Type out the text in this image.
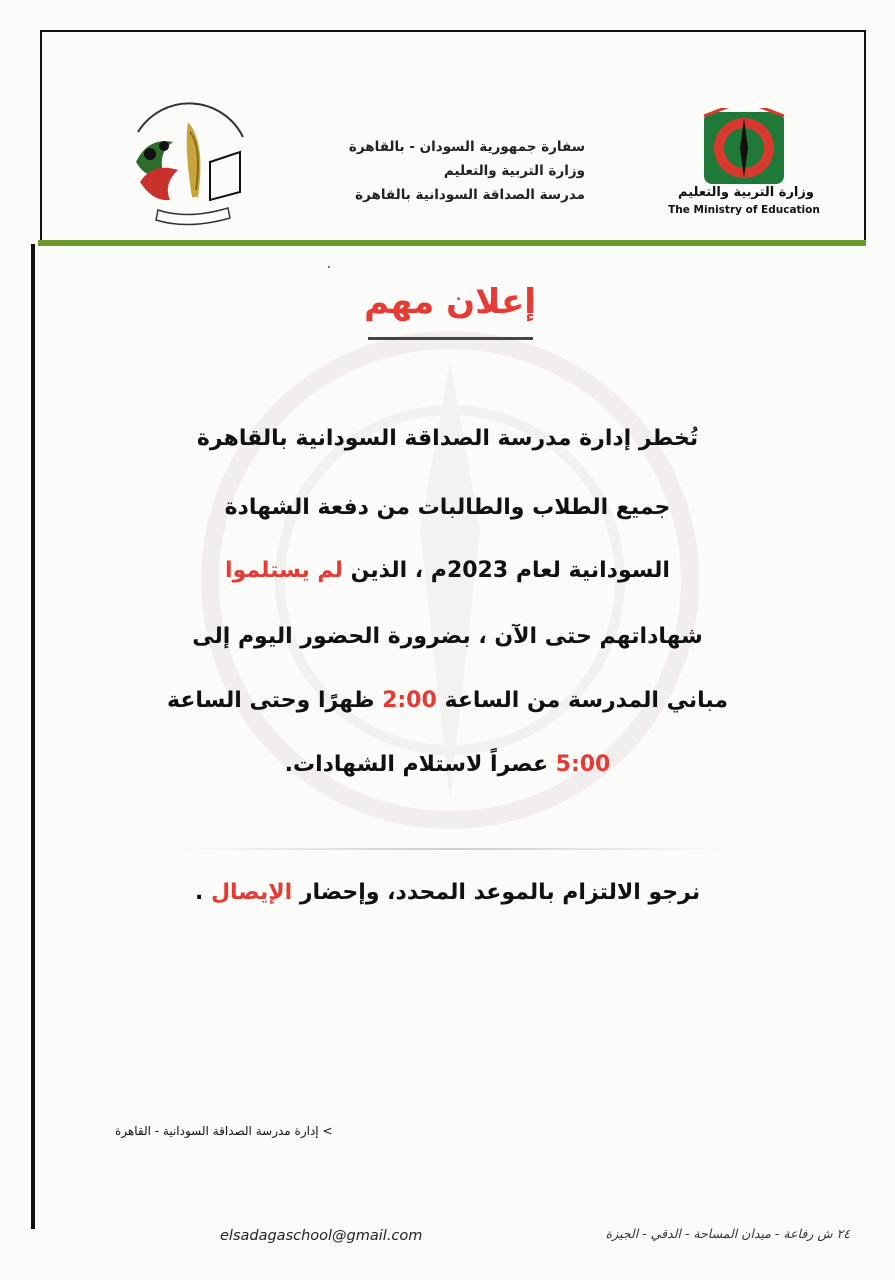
وزارة التربية والتعليم
The Ministry of Education
سفارة جمهورية السودان - بالقاهرة
وزارة التربية والتعليم
مدرسة الصداقة السودانية بالقاهرة
إعلان مهم
تُخطر إدارة مدرسة الصداقة السودانية بالقاهرة
جميع الطلاب والطالبات من دفعة الشهادة
السودانية لعام 2023م ، الذين لم يستلموا
شهاداتهم حتى الآن ، بضرورة الحضور اليوم إلى
مباني المدرسة من الساعة 2:00 ظهرًا وحتى الساعة
5:00 عصراً لاستلام الشهادات.
نرجو الالتزام بالموعد المحدد، وإحضار الإيصال .
> إدارة مدرسة الصداقة السودانية - القاهرة
elsadagaschool@gmail.com	٢٤ ش رفاعة - ميدان المساحة - الدقي - الجيزة
